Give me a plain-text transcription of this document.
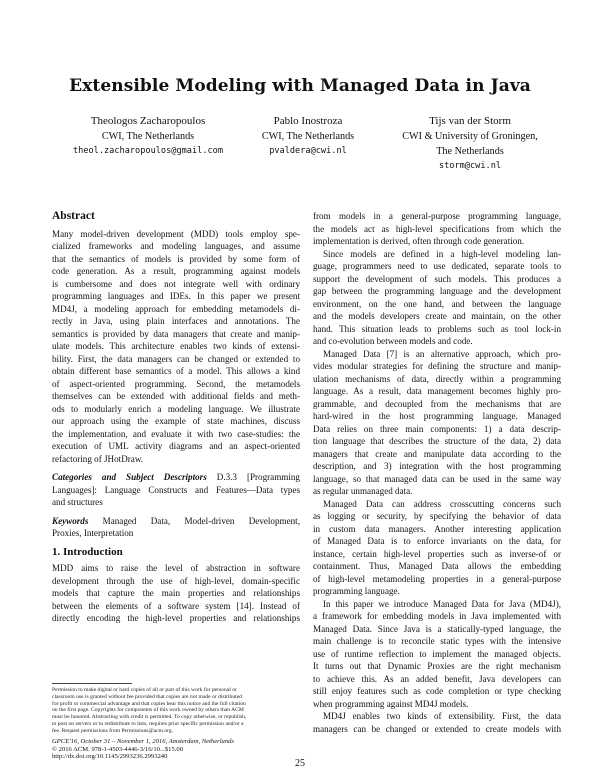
Extensible Modeling with Managed Data in Java
Theologos Zacharopoulos
CWI, The Netherlands
theol.zacharopoulos@gmail.com
Pablo Inostroza
CWI, The Netherlands
pvaldera@cwi.nl
Tijs van der Storm
CWI & University of Groningen,
The Netherlands
storm@cwi.nl
Abstract
Many model-driven development (MDD) tools employ spe-
cialized frameworks and modeling languages, and assume
that the semantics of models is provided by some form of
code generation. As a result, programming against models
is cumbersome and does not integrate well with ordinary
programming languages and IDEs. In this paper we present
MD4J, a modeling approach for embedding metamodels di-
rectly in Java, using plain interfaces and annotations. The
semantics is provided by data managers that create and manip-
ulate models. This architecture enables two kinds of extensi-
bility. First, the data managers can be changed or extended to
obtain different base semantics of a model. This allows a kind
of aspect-oriented programming. Second, the metamodels
themselves can be extended with additional fields and meth-
ods to modularly enrich a modeling language. We illustrate
our approach using the example of state machines, discuss
the implementation, and evaluate it with two case-studies: the
execution of UML activity diagrams and an aspect-oriented
refactoring of JHotDraw.
Categories and Subject Descriptors D.3.3 [Programming
Languages]: Language Constructs and Features—Data types
and structures
Keywords Managed Data, Model-driven Development,
Proxies, Interpretation
1. Introduction
MDD aims to raise the level of abstraction in software
development through the use of high-level, domain-specific
models that capture the main properties and relationships
between the elements of a software system [14]. Instead of
directly encoding the high-level properties and relationships
Permission to make digital or hard copies of all or part of this work for personal or
classroom use is granted without fee provided that copies are not made or distributed
for profit or commercial advantage and that copies bear this notice and the full citation
on the first page. Copyrights for components of this work owned by others than ACM
must be honored. Abstracting with credit is permitted. To copy otherwise, or republish,
to post on servers or to redistribute to lists, requires prior specific permission and/or a
fee. Request permissions from Permissions@acm.org.
GPCE'16, October 31 – November 1, 2016, Amsterdam, Netherlands
© 2016 ACM. 978-1-4503-4446-3/16/10...$15.00
http://dx.doi.org/10.1145/2993236.2993240
from models in a general-purpose programming language,
the models act as high-level specifications from which the
implementation is derived, often through code generation.
Since models are defined in a high-level modeling lan-
guage, programmers need to use dedicated, separate tools to
support the development of such models. This produces a
gap between the programming language and the development
environment, on the one hand, and between the language
and the models developers create and maintain, on the other
hand. This situation leads to problems such as tool lock-in
and co-evolution between models and code.
Managed Data [7] is an alternative approach, which pro-
vides modular strategies for defining the structure and manip-
ulation mechanisms of data, directly within a programming
language. As a result, data management becomes highly pro-
grammable, and decoupled from the mechanisms that are
hard-wired in the host programming language. Managed
Data relies on three main components: 1) a data descrip-
tion language that describes the structure of the data, 2) data
managers that create and manipulate data according to the
description, and 3) integration with the host programming
language, so that managed data can be used in the same way
as regular unmanaged data.
Managed Data can address crosscutting concerns such
as logging or security, by specifying the behavior of data
in custom data managers. Another interesting application
of Managed Data is to enforce invariants on the data, for
instance, certain high-level properties such as inverse-of or
containment. Thus, Managed Data allows the embedding
of high-level metamodeling properties in a general-purpose
programming language.
In this paper we introduce Managed Data for Java (MD4J),
a framework for embedding models in Java implemented with
Managed Data. Since Java is a statically-typed language, the
main challenge is to reconcile static types with the intensive
use of runtime reflection to implement the managed objects.
It turns out that Dynamic Proxies are the right mechanism
to achieve this. As an added benefit, Java developers can
still enjoy features such as code completion or type checking
when programming against MD4J models.
MD4J enables two kinds of extensibility. First, the data
managers can be changed or extended to create models with
25
